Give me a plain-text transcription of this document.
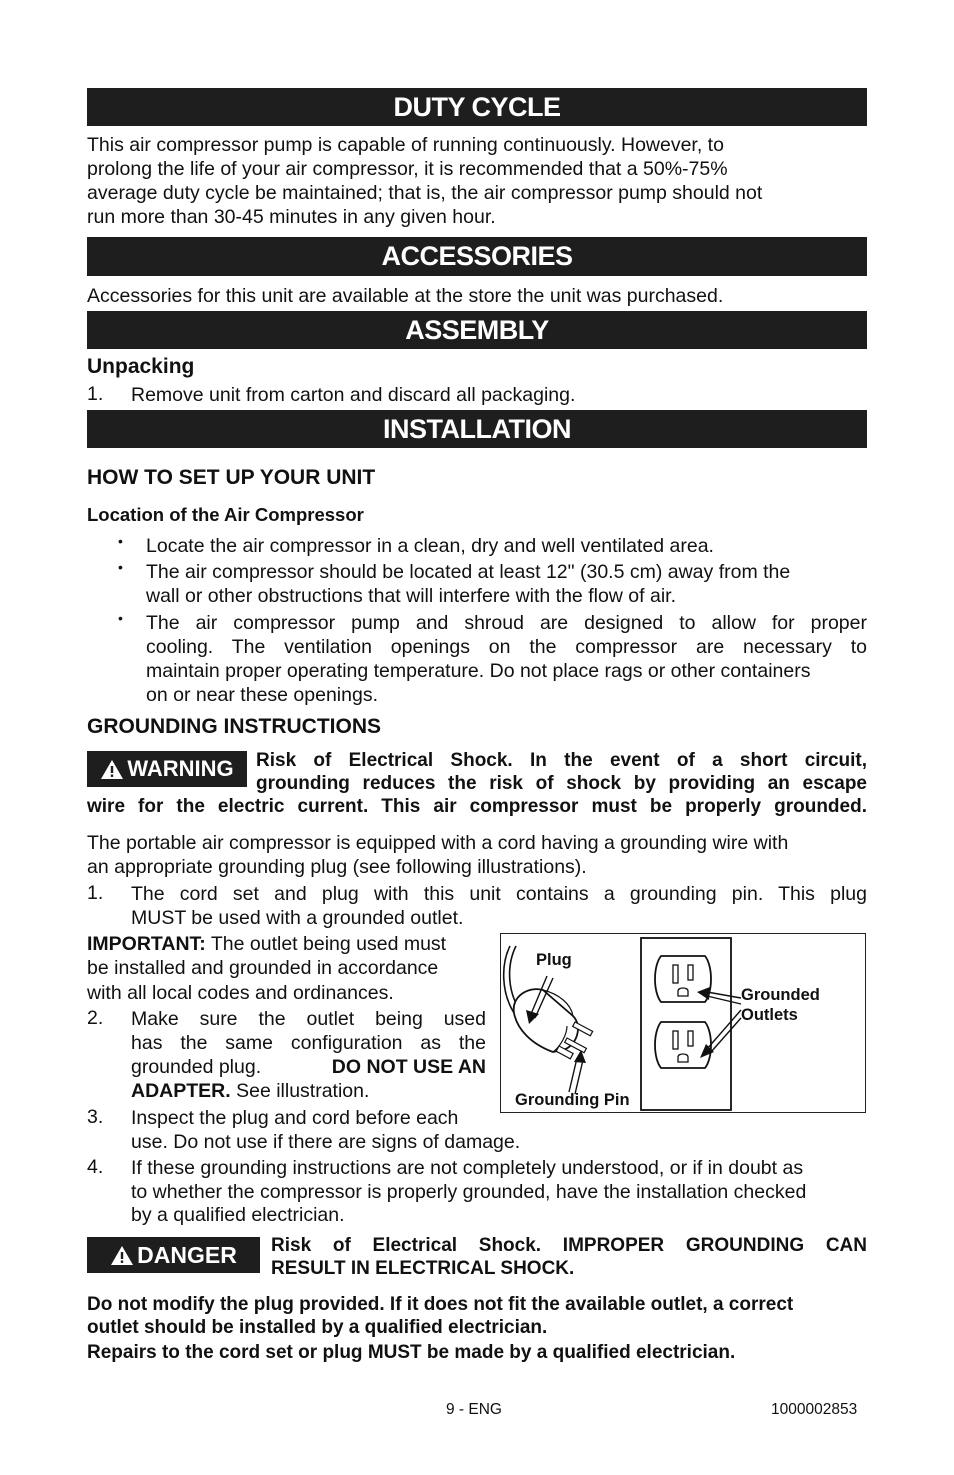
DUTY CYCLE
This air compressor pump is capable of running continuously. However, to
prolong the life of your air compressor, it is recommended that a 50%-75%
average duty cycle be maintained; that is, the air compressor pump should not
run more than 30-45 minutes in any given hour.
ACCESSORIES
Accessories for this unit are available at the store the unit was purchased.
ASSEMBLY
Unpacking
1. Remove unit from carton and discard all packaging.
INSTALLATION
HOW TO SET UP YOUR UNIT
Location of the Air Compressor
• Locate the air compressor in a clean, dry and well ventilated area.
• The air compressor should be located at least 12" (30.5 cm) away from the
wall or other obstructions that will interfere with the flow of air.
• The air compressor pump and shroud are designed to allow for proper
cooling. The ventilation openings on the compressor are necessary to
maintain proper operating temperature. Do not place rags or other containers
on or near these openings.
GROUNDING INSTRUCTIONS
WARNING Risk of Electrical Shock. In the event of a short circuit,
grounding reduces the risk of shock by providing an escape
wire for the electric current. This air compressor must be properly grounded.
The portable air compressor is equipped with a cord having a grounding wire with
an appropriate grounding plug (see following illustrations).
1. The cord set and plug with this unit contains a grounding pin. This plug
MUST be used with a grounded outlet.
IMPORTANT: The outlet being used must
be installed and grounded in accordance
with all local codes and ordinances.
2. Make sure the outlet being used
has the same configuration as the
grounded plug.	DO NOT USE AN
ADAPTER. See illustration.
3. Inspect the plug and cord before each
use. Do not use if there are signs of damage.
4. If these grounding instructions are not completely understood, or if in doubt as
to whether the compressor is properly grounded, have the installation checked
by a qualified electrician.
Plug
Grounded
Outlets
Grounding Pin
DANGER Risk of Electrical Shock. IMPROPER GROUNDING CAN
RESULT IN ELECTRICAL SHOCK.
Do not modify the plug provided. If it does not fit the available outlet, a correct
outlet should be installed by a qualified electrician.
Repairs to the cord set or plug MUST be made by a qualified electrician.
9 - ENG	1000002853
